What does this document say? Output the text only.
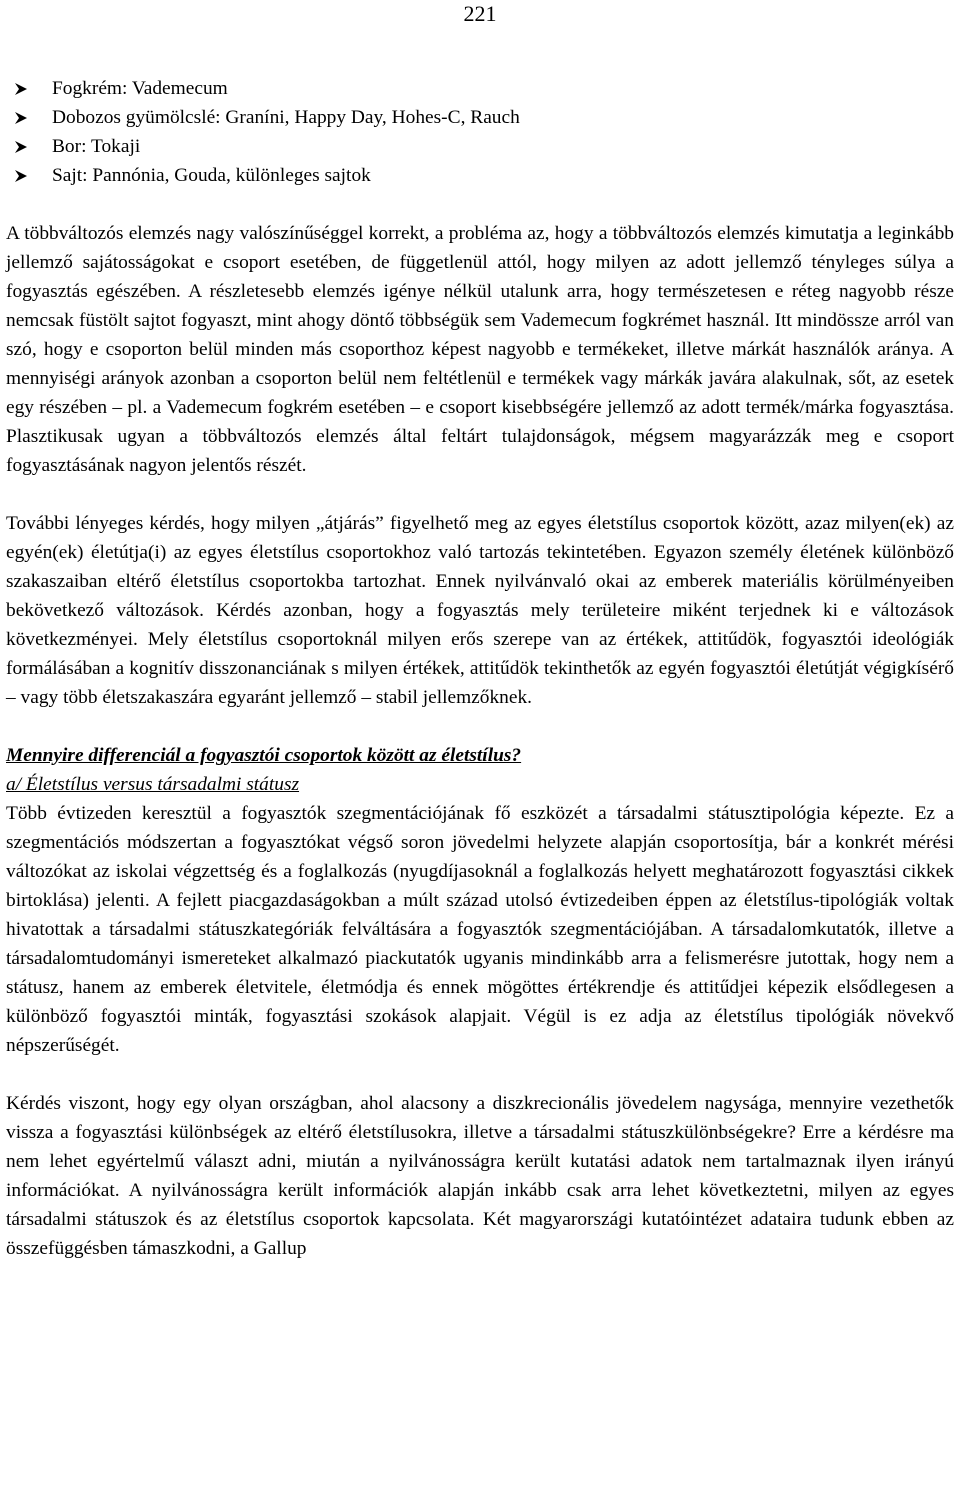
221
Fogkrém: Vademecum
Dobozos gyümölcslé: Graníni, Happy Day, Hohes-C, Rauch
Bor: Tokaji
Sajt: Pannónia, Gouda, különleges sajtok

A többváltozós elemzés nagy valószínűséggel korrekt, a probléma az, hogy a többváltozós elemzés kimutatja a leginkább jellemző sajátosságokat e csoport esetében, de függetlenül attól, hogy milyen az adott jellemző tényleges súlya a fogyasztás egészében. A részletesebb elemzés igénye nélkül utalunk arra, hogy természetesen e réteg nagyobb része nemcsak füstölt sajtot fogyaszt, mint ahogy döntő többségük sem Vademecum fogkrémet használ. Itt mindössze arról van szó, hogy e csoporton belül minden más csoporthoz képest nagyobb e termékeket, illetve márkát használók aránya. A mennyiségi arányok azonban a csoporton belül nem feltétlenül e termékek vagy márkák javára alakulnak, sőt, az esetek egy részében – pl. a Vademecum fogkrém esetében – e csoport kisebbségére jellemző az adott termék/márka fogyasztása. Plasztikusak ugyan a többváltozós elemzés által feltárt tulajdonságok, mégsem magyarázzák meg e csoport fogyasztásának nagyon jelentős részét.

További lényeges kérdés, hogy milyen „átjárás” figyelhető meg az egyes életstílus csoportok között, azaz milyen(ek) az egyén(ek) életútja(i) az egyes életstílus csoportokhoz való tartozás tekintetében. Egyazon személy életének különböző szakaszaiban eltérő életstílus csoportokba tartozhat. Ennek nyilvánvaló okai az emberek materiális körülményeiben bekövetkező változások. Kérdés azonban, hogy a fogyasztás mely területeire miként terjednek ki e változások következményei. Mely életstílus csoportoknál milyen erős szerepe van az értékek, attitűdök, fogyasztói ideológiák formálásában a kognitív disszonanciának s milyen értékek, attitűdök tekinthetők az egyén fogyasztói életútját végigkísérő – vagy több életszakaszára egyaránt jellemző – stabil jellemzőknek.

Mennyire differenciál a fogyasztói csoportok között az életstílus?
a/ Életstílus versus társadalmi státusz

Több évtizeden keresztül a fogyasztók szegmentációjának fő eszközét a társadalmi státusztipológia képezte. Ez a szegmentációs módszertan a fogyasztókat végső soron jövedelmi helyzete alapján csoportosítja, bár a konkrét mérési változókat az iskolai végzettség és a foglalkozás (nyugdíjasoknál a foglalkozás helyett meghatározott fogyasztási cikkek birtoklása) jelenti. A fejlett piacgazdaságokban a múlt század utolsó évtizedeiben éppen az életstílus-tipológiák voltak hivatottak a társadalmi státuszkategóriák felváltására a fogyasztók szegmentációjában. A társadalomkutatók, illetve a társadalomtudományi ismereteket alkalmazó piackutatók ugyanis mindinkább arra a felismerésre jutottak, hogy nem a státusz, hanem az emberek életvitele, életmódja és ennek mögöttes értékrendje és attitűdjei képezik elsődlegesen a különböző fogyasztói minták, fogyasztási szokások alapjait. Végül is ez adja az életstílus tipológiák növekvő népszerűségét.

Kérdés viszont, hogy egy olyan országban, ahol alacsony a diszkrecionális jövedelem nagysága, mennyire vezethetők vissza a fogyasztási különbségek az eltérő életstílusokra, illetve a társadalmi státuszkülönbségekre? Erre a kérdésre ma nem lehet egyértelmű választ adni, miután a nyilvánosságra került kutatási adatok nem tartalmaznak ilyen irányú információkat. A nyilvánosságra került információk alapján inkább csak arra lehet következtetni, milyen az egyes társadalmi státuszok és az életstílus csoportok kapcsolata. Két magyarországi kutatóintézet adataira tudunk ebben az összefüggésben támaszkodni, a Gallup
